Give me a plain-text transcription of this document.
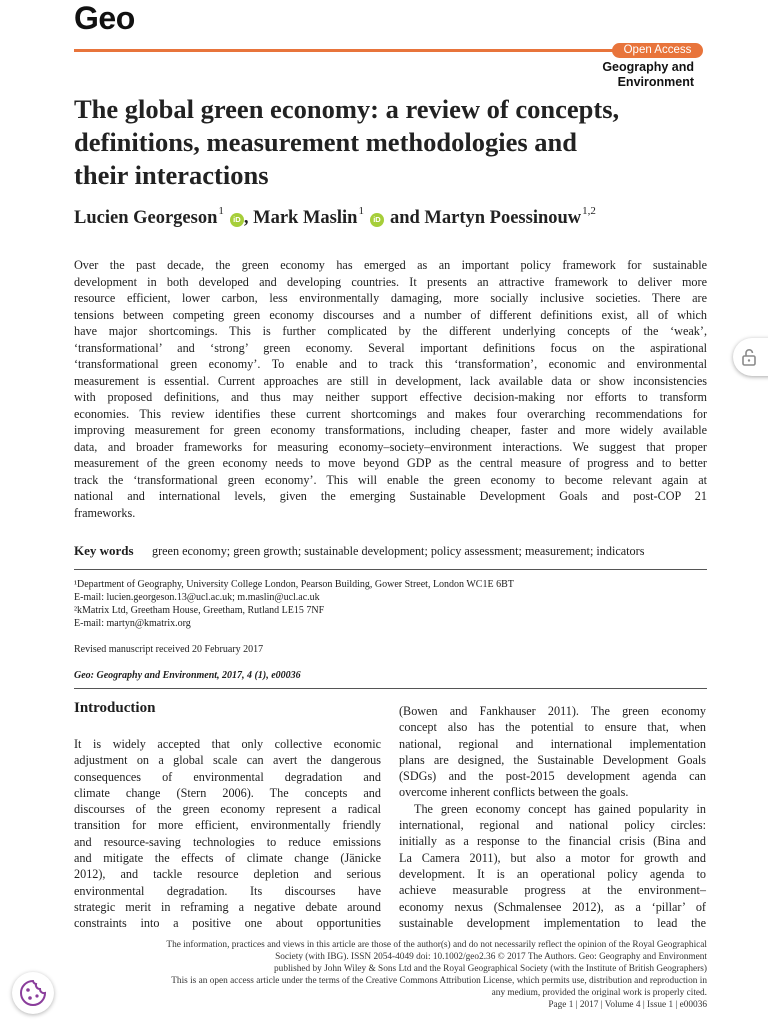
Geo
Open Access
Geography and
Environment
The global green economy: a review of concepts,
definitions, measurement methodologies and
their interactions
Lucien Georgeson$^1$
iD , Mark Maslin$^1$
iD and Martyn Poessinouw$^{1,2}$
Over the past decade, the green economy has emerged as an important policy framework for sustainable
development in both developed and developing countries. It presents an attractive framework to deliver more
resource efficient, lower carbon, less environmentally damaging, more socially inclusive societies. There are
tensions between competing green economy discourses and a number of different definitions exist, all of which
have major shortcomings. This is further complicated by the different underlying concepts of the ‘weak’,
‘transformational’ and ‘strong’ green economy. Several important definitions focus on the aspirational
‘transformational green economy’. To enable and to track this ‘transformation’, economic and environmental
measurement is essential. Current approaches are still in development, lack available data or show inconsistencies
with proposed definitions, and thus may neither support effective decision-making nor efforts to transform
economies. This review identifies these current shortcomings and makes four overarching recommendations for
improving measurement for green economy transformations, including cheaper, faster and more widely available
data, and broader frameworks for measuring economy–society–environment interactions. We suggest that proper
measurement of the green economy needs to move beyond GDP as the central measure of progress and to better
track the ‘transformational green economy’. This will enable the green economy to become relevant again at
national and international levels, given the emerging Sustainable Development Goals and post-COP 21
frameworks.
Key words green economy; green growth; sustainable development; policy assessment; measurement; indicators
¹Department of Geography, University College London, Pearson Building, Gower Street, London WC1E 6BT
E-mail: lucien.georgeson.13@ucl.ac.uk; m.maslin@ucl.ac.uk
²kMatrix Ltd, Greetham House, Greetham, Rutland LE15 7NF
E-mail: martyn@kmatrix.org
Revised manuscript received 20 February 2017
Geo: Geography and Environment, 2017, 4 (1), e00036
Introduction
It is widely accepted that only collective economic
adjustment on a global scale can avert the dangerous
consequences of environmental degradation and
climate change (Stern 2006). The concepts and
discourses of the green economy represent a radical
transition for more efficient, environmentally friendly
and resource-saving technologies to reduce emissions
and mitigate the effects of climate change (Jänicke
2012), and tackle resource depletion and serious
environmental degradation. Its discourses have
strategic merit in reframing a negative debate around
constraints into a positive one about opportunities
(Bowen and Fankhauser 2011). The green economy
concept also has the potential to ensure that, when
national, regional and international implementation
plans are designed, the Sustainable Development Goals
(SDGs) and the post-2015 development agenda can
overcome inherent conflicts between the goals.
The green economy concept has gained popularity in
international, regional and national policy circles:
initially as a response to the financial crisis (Bina and
La Camera 2011), but also a motor for growth and
development. It is an operational policy agenda to
achieve measurable progress at the environment–
economy nexus (Schmalensee 2012), as a ‘pillar’ of
sustainable development implementation to lead the
The information, practices and views in this article are those of the author(s) and do not necessarily reflect the opinion of the Royal Geographical
Society (with IBG). ISSN 2054-4049 doi: 10.1002/geo2.36 © 2017 The Authors. Geo: Geography and Environment
published by John Wiley & Sons Ltd and the Royal Geographical Society (with the Institute of British Geographers)
This is an open access article under the terms of the Creative Commons Attribution License, which permits use, distribution and reproduction in
any medium, provided the original work is properly cited.
Page 1 | 2017 | Volume 4 | Issue 1 | e00036
